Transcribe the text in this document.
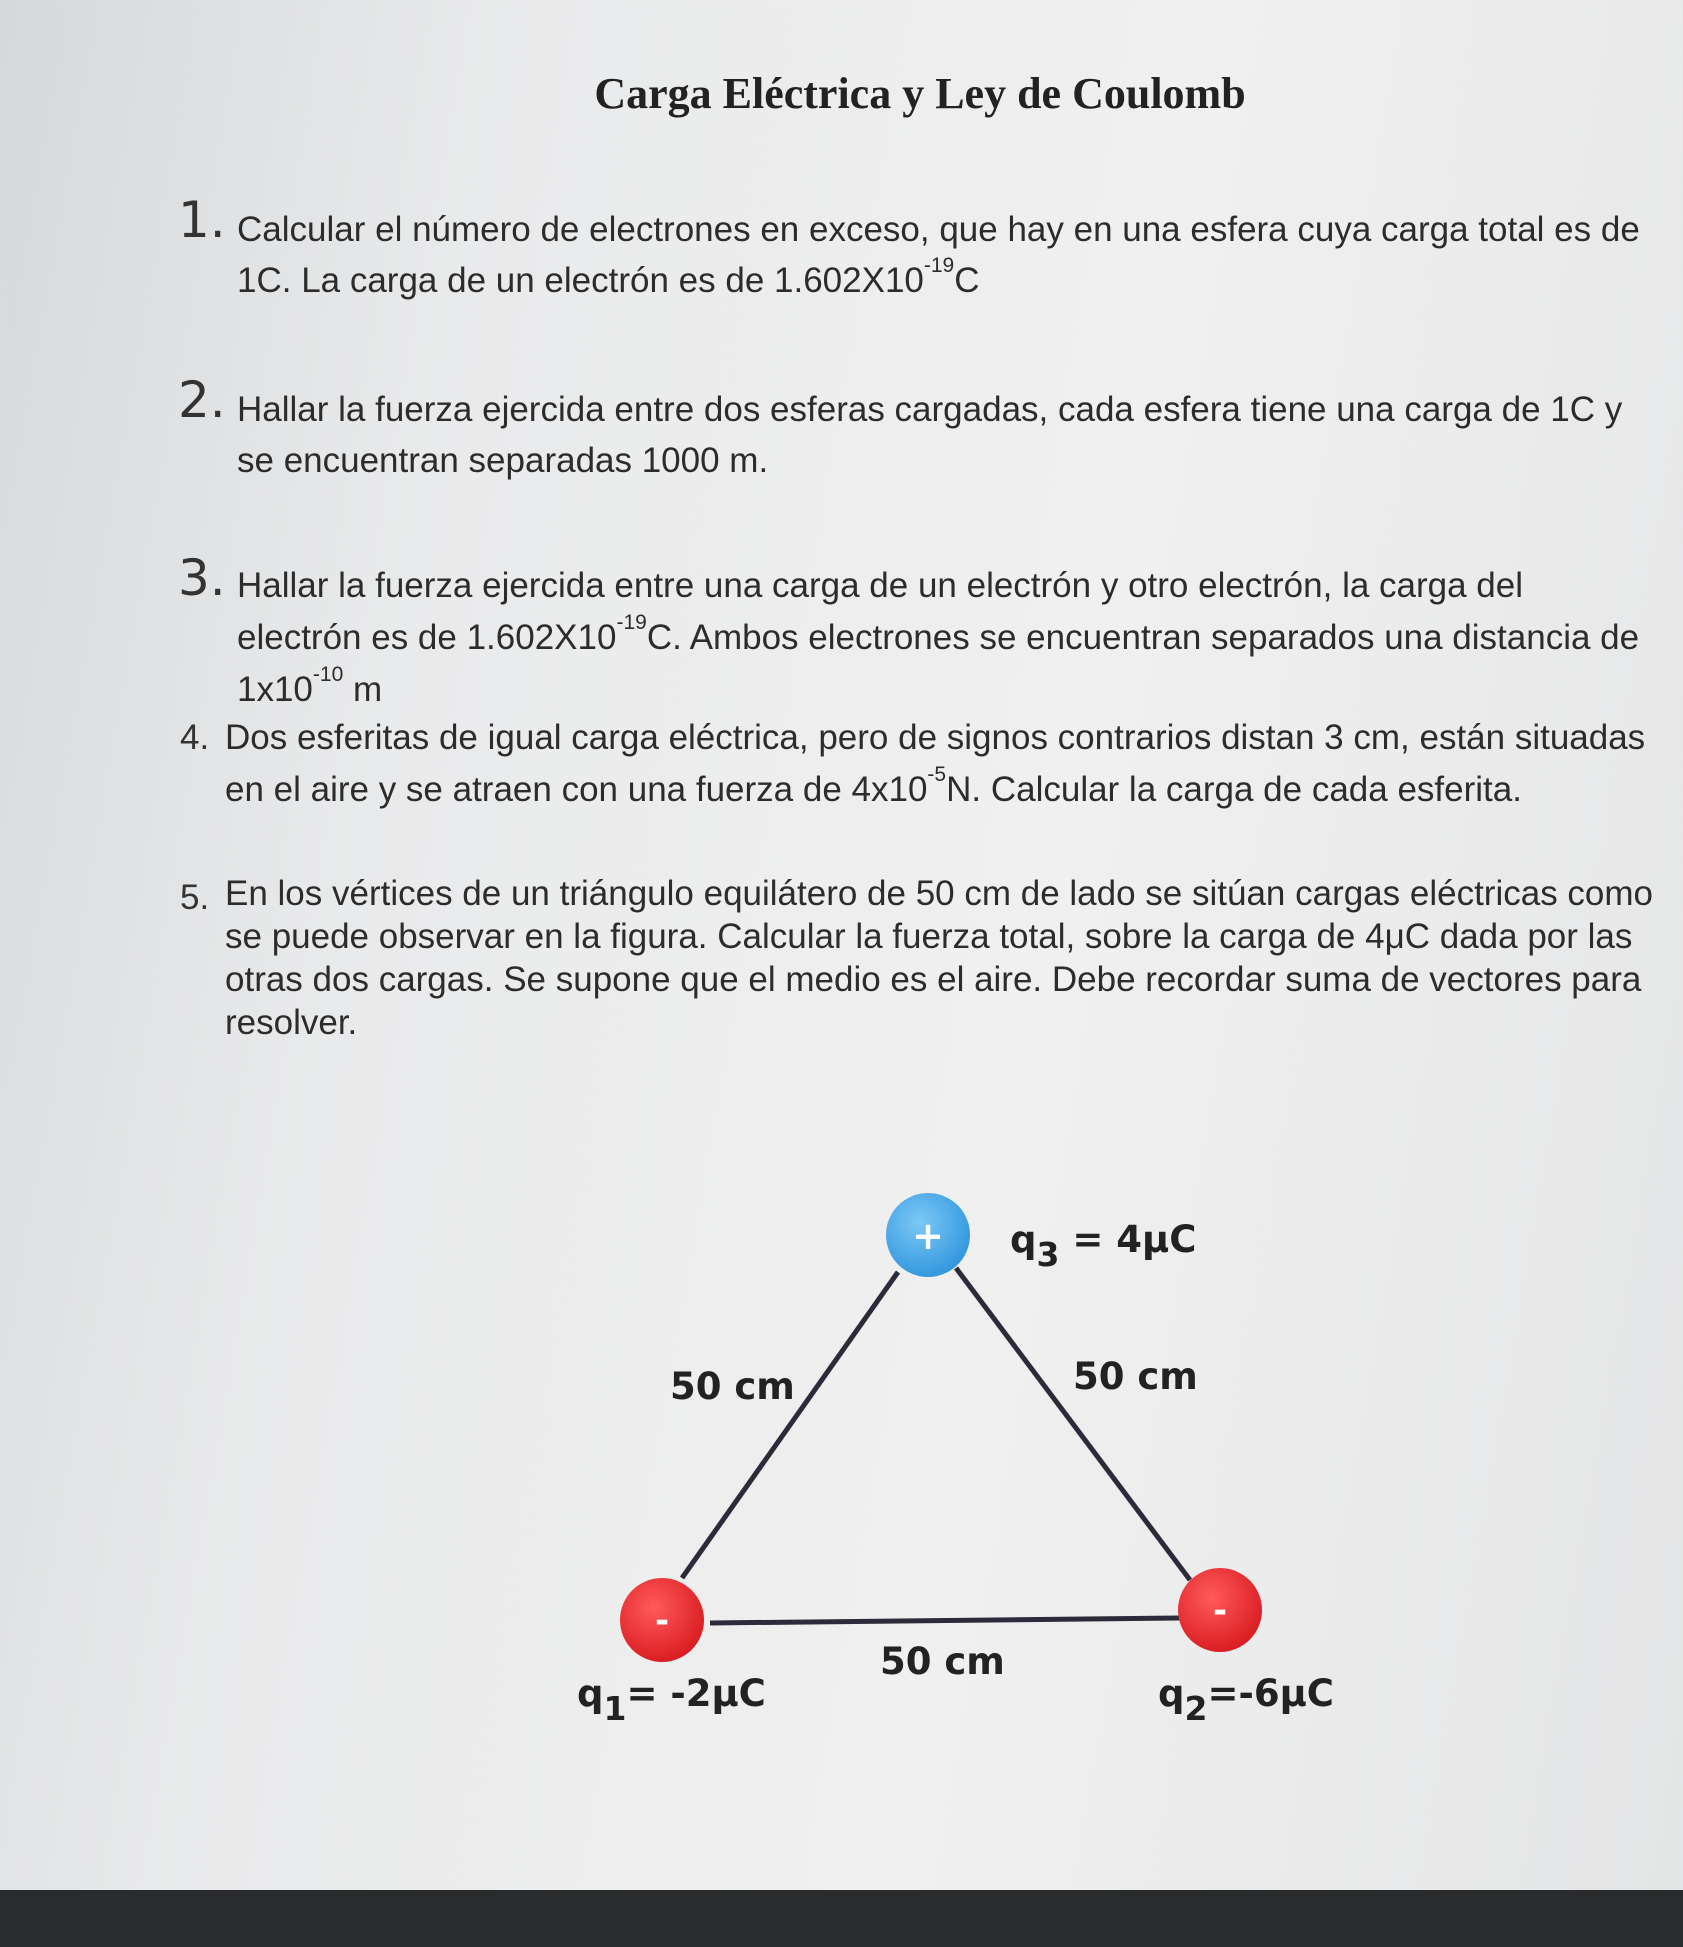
Carga Eléctrica y Ley de Coulomb
1. Calcular el número de electrones en exceso, que hay en una esfera cuya carga total es de 1C. La carga de un electrón es de $1.602X10^{-19}C$
2. Hallar la fuerza ejercida entre dos esferas cargadas, cada esfera tiene una carga de 1C y se encuentran separadas 1000 m.
3. Hallar la fuerza ejercida entre una carga de un electrón y otro electrón, la carga del electrón es de $1.602X10^{-19}C$. Ambos electrones se encuentran separados una distancia de $1x10^{-10}$ m
4. Dos esferitas de igual carga eléctrica, pero de signos contrarios distan 3 cm, están situadas en el aire y se atraen con una fuerza de $4x10^{-5}N$. Calcular la carga de cada esferita.
5. En los vértices de un triángulo equilátero de 50 cm de lado se sitúan cargas eléctricas como se puede observar en la figura. Calcular la fuerza total, sobre la carga de 4μC dada por las otras dos cargas. Se supone que el medio es el aire. Debe recordar suma de vectores para resolver.
+
-	-
$q_3 = 4\mu C$
50 cm	50 cm
50 cm
$q_1= -2\mu C$	$q_2=-6\mu C$
